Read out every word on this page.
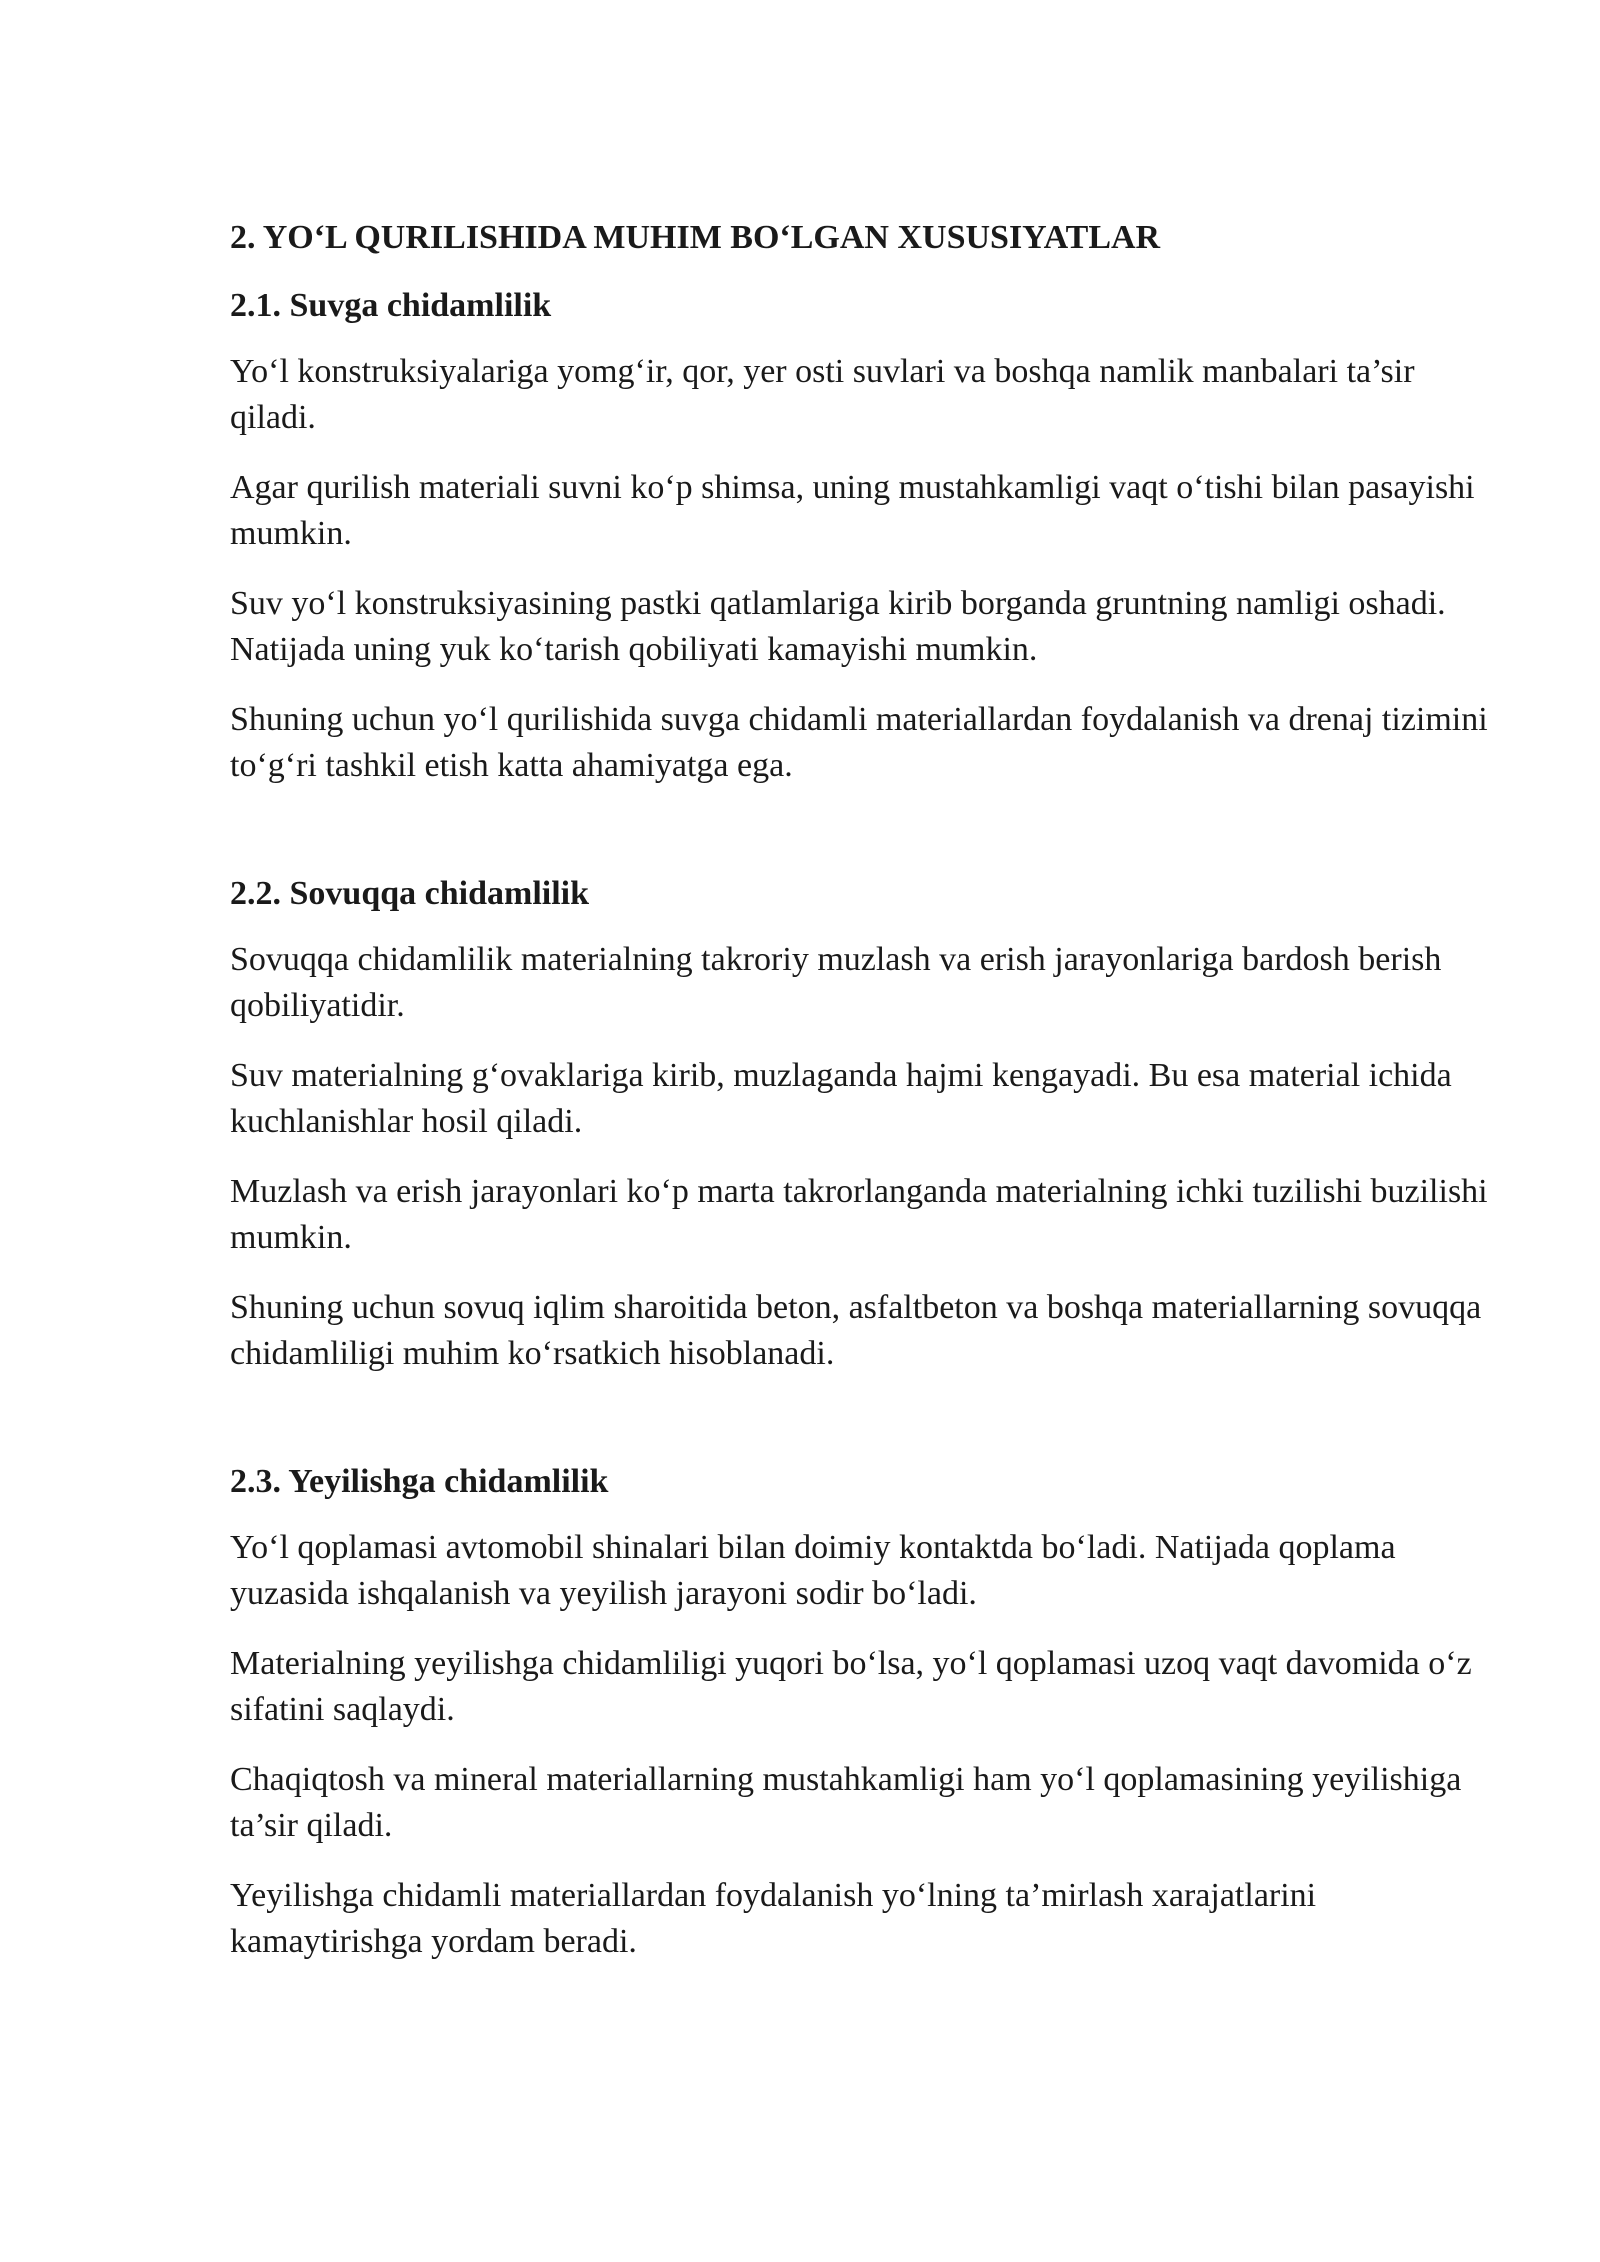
2. YO‘L QURILISHIDA MUHIM BO‘LGAN XUSUSIYATLAR
2.1. Suvga chidamlilik

Yo‘l konstruksiyalariga yomg‘ir, qor, yer osti suvlari va boshqa namlik manbalari ta’sir qiladi.

Agar qurilish materiali suvni ko‘p shimsa, uning mustahkamligi vaqt o‘tishi bilan pasayishi mumkin.

Suv yo‘l konstruksiyasining pastki qatlamlariga kirib borganda gruntning namligi oshadi. Natijada uning yuk ko‘tarish qobiliyati kamayishi mumkin.

Shuning uchun yo‘l qurilishida suvga chidamli materiallardan foydalanish va drenaj tizimini to‘g‘ri tashkil etish katta ahamiyatga ega.

2.2. Sovuqqa chidamlilik

Sovuqqa chidamlilik materialning takroriy muzlash va erish jarayonlariga bardosh berish qobiliyatidir.

Suv materialning g‘ovaklariga kirib, muzlaganda hajmi kengayadi. Bu esa material ichida kuchlanishlar hosil qiladi.

Muzlash va erish jarayonlari ko‘p marta takrorlanganda materialning ichki tuzilishi buzilishi mumkin.

Shuning uchun sovuq iqlim sharoitida beton, asfaltbeton va boshqa materiallarning sovuqqa chidamliligi muhim ko‘rsatkich hisoblanadi.

2.3. Yeyilishga chidamlilik

Yo‘l qoplamasi avtomobil shinalari bilan doimiy kontaktda bo‘ladi. Natijada qoplama yuzasida ishqalanish va yeyilish jarayoni sodir bo‘ladi.

Materialning yeyilishga chidamliligi yuqori bo‘lsa, yo‘l qoplamasi uzoq vaqt davomida o‘z sifatini saqlaydi.

Chaqiqtosh va mineral materiallarning mustahkamligi ham yo‘l qoplamasining yeyilishiga ta’sir qiladi.

Yeyilishga chidamli materiallardan foydalanish yo‘lning ta’mirlash xarajatlarini kamaytirishga yordam beradi.
